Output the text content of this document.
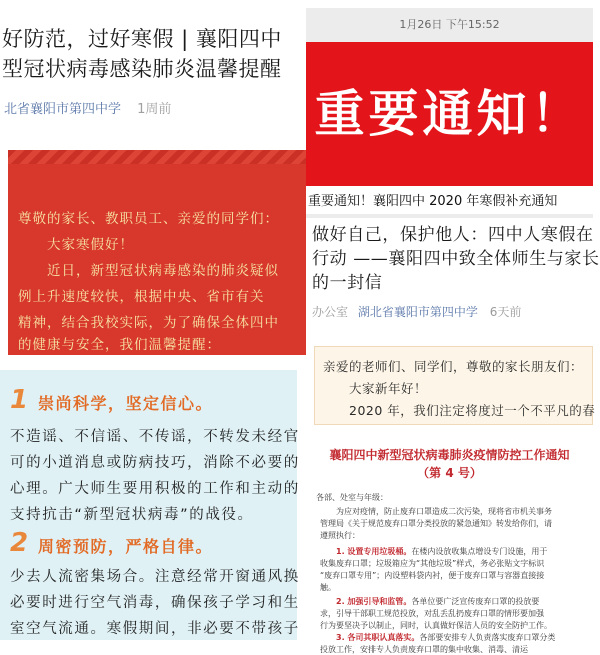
好防范，过好寒假 | 襄阳四中
型冠状病毒感染肺炎温馨提醒
北省襄阳市第四中学 1周前
尊敬的家长、教职员工、亲爱的同学们：
　　大家寒假好！
　　近日，新型冠状病毒感染的肺炎疑似
例上升速度较快，根据中央、省市有关
精神，结合我校实际，为了确保全体四中
的健康与安全，我们温馨提醒：
1 崇尚科学，坚定信心。
不造谣、不信谣、不传谣，不转发未经官
可的小道消息或防病技巧，消除不必要的
心理。广大师生要用积极的工作和主动的
支持抗击“新型冠状病毒”的战役。
2 周密预防，严格自律。
少去人流密集场合。注意经常开窗通风换
必要时进行空气消毒，确保孩子学习和生
室空气流通。寒假期间，非必要不带孩子
1月26日 下午15:52
重要通知！
重要通知！襄阳四中 2020 年寒假补充通知
做好自己，保护他人：四中人寒假在
行动 ——襄阳四中致全体师生与家长
的一封信
办公室 湖北省襄阳市第四中学 6天前
亲爱的老师们、同学们，尊敬的家长朋友们：
　　大家新年好！
　　2020 年，我们注定将度过一个不平凡的春
襄阳四中新型冠状病毒肺炎疫情防控工作通知
（第 4 号）
各部、处室与年级：
　　为应对疫情，防止废弃口罩造成二次污染，现将省市机关事务
管理局《关于规范废弃口罩分类投放的紧急通知》转发给你们，请
遵照执行：
　　1. 设置专用垃圾桶。在楼内设放收集点增设专门设施，用于
收集废弃口罩；垃圾箱应为“其他垃圾”样式，务必张贴文字标识
“废弃口罩专用”；内设塑料袋内衬，便于废弃口罩与容器直接接
触。
　　2. 加强引导和监管。各单位要广泛宣传废弃口罩的投放要
求，引导干部职工规范投放，对乱丢乱扔废弃口罩的情形要加强
行为要坚决予以制止，同时，认真做好保洁人员的安全防护工作。
　　3. 各司其职认真落实。各部要安排专人负责落实废弃口罩分类
投放工作，安排专人负责废弃口罩的集中收集、消毒、清运
